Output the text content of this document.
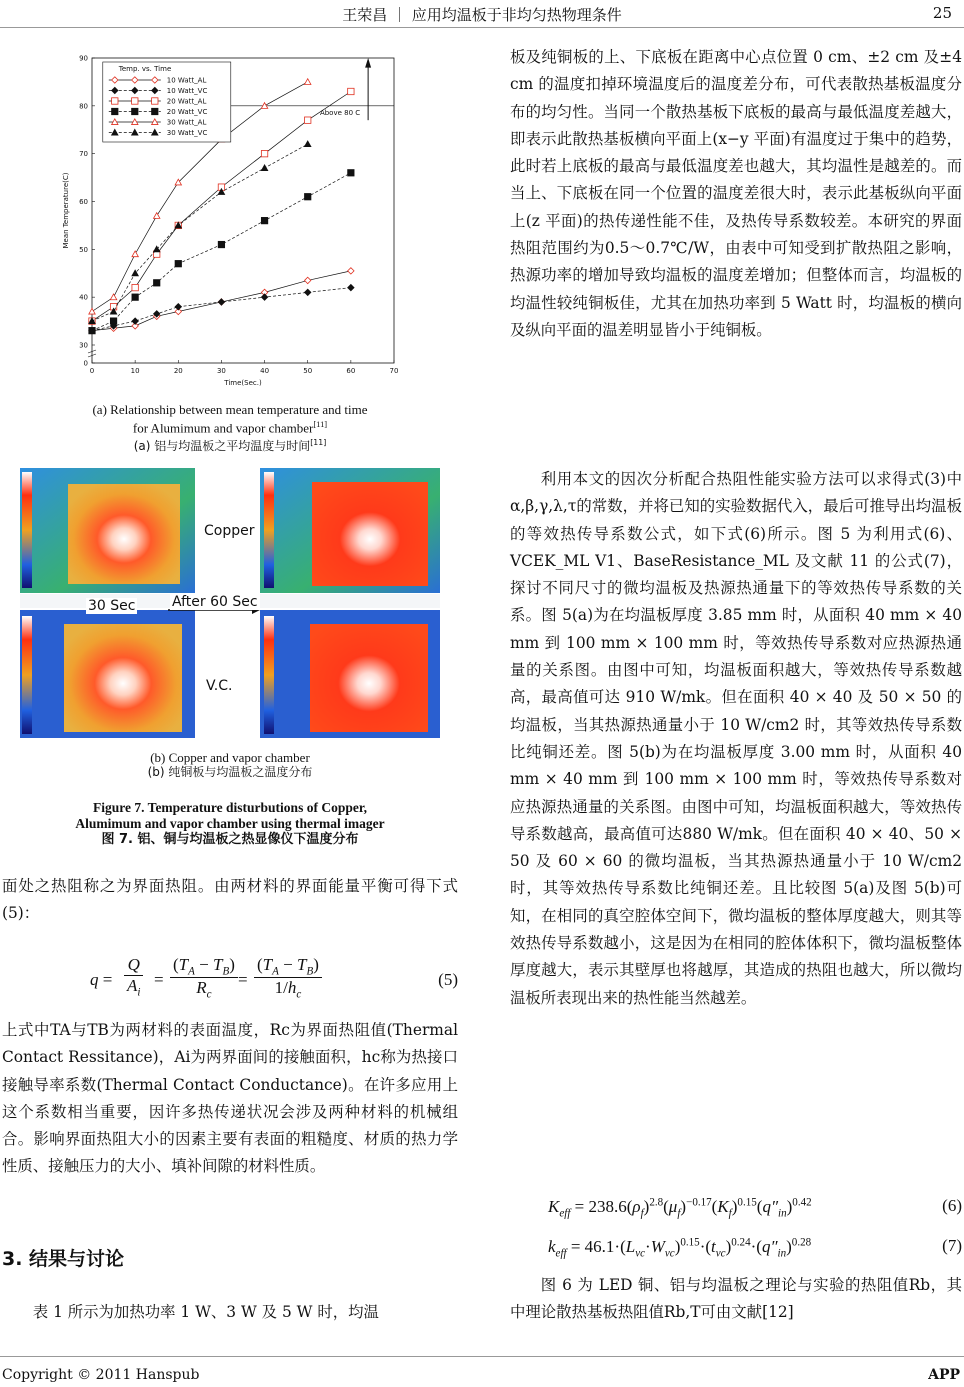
王荣昌 ｜ 应用均温板于非均匀热物理条件	25
0	10	20	30	40	50	60	70
0
30
40
50
60
70
80
90
Time(Sec.)
Mean Temperature(C)
Above 80 C
Temp. vs. Time
10 Watt_AL
10 Watt_VC
20 Watt_AL
20 Watt_VC
30 Watt_AL
30 Watt_VC
(a) Relationship between mean temperature and time
for Alumimum and vapor chamber[11]
(a) 铝与均温板之平均温度与时间[11]
Copper
30 Sec	After 60 Sec
V.C.
(b) Copper and vapor chamber
(b) 纯铜板与均温板之温度分布
Figure 7. Temperature disturbutions of Copper,
Alumimum and vapor chamber using thermal imager
图 7. 铝、铜与均温板之热显像仪下温度分布

面处之热阻称之为界面热阻。由两材料的界面能量平衡可得下式(5)：

$q = \frac{Q}{A_i} = \frac{(T_A - T_B)}{R_c} = \frac{(T_A - T_B)}{1/h_c}$	(5)

上式中TA与TB为两材料的表面温度，Rc为界面热阻值(Thermal Contact Ressitance)，Ai为两界面间的接触面积，hc称为热接口接触导率系数(Thermal Contact Conductance)。在许多应用上这个系数相当重要，因许多热传递状况会涉及两种材料的机械组合。影响界面热阻大小的因素主要有表面的粗糙度、材质的热力学性质、接触压力的大小、填补间隙的材料性质。

3. 结果与讨论

表 1 所示为加热功率 1 W、3 W 及 5 W 时，均温

板及纯铜板的上、下底板在距离中心点位置 0 cm、±2 cm 及±4 cm 的温度扣掉环境温度后的温度差分布，可代表散热基板温度分布的均匀性。当同一个散热基板下底板的最高与最低温度差越大，即表示此散热基板横向平面上(x−y 平面)有温度过于集中的趋势，此时若上底板的最高与最低温度差也越大，其均温性是越差的。而当上、下底板在同一个位置的温度差很大时，表示此基板纵向平面上(z 平面)的热传递性能不佳，及热传导系数较差。本研究的界面热阻范围约为0.5～0.7℃/W，由表中可知受到扩散热阻之影响，热源功率的增加导致均温板的温度差增加；但整体而言，均温板的均温性较纯铜板佳，尤其在加热功率到 5 Watt 时，均温板的横向及纵向平面的温差明显皆小于纯铜板。

利用本文的因次分析配合热阻性能实验方法可以求得式(3)中α,β,γ,λ,τ的常数，并将已知的实验数据代入，最后可推导出均温板的等效热传导系数公式，如下式(6)所示。图 5 为利用式(6)、VCEK_ML V1、BaseResistance_ML 及文献 11 的公式(7)，探讨不同尺寸的微均温板及热源热通量下的等效热传导系数的关系。图 5(a)为在均温板厚度 3.85 mm 时，从面积 40 mm × 40 mm 到 100 mm × 100 mm 时，等效热传导系数对应热源热通量的关系图。由图中可知，均温板面积越大，等效热传导系数越高，最高值可达 910 W/mk。但在面积 40 × 40 及 50 × 50 的均温板，当其热源热通量小于 10 W/cm2 时，其等效热传导系数比纯铜还差。图 5(b)为在均温板厚度 3.00 mm 时，从面积 40 mm × 40 mm 到 100 mm × 100 mm 时，等效热传导系数对应热源热通量的关系图。由图中可知，均温板面积越大，等效热传导系数越高，最高值可达880 W/mk。但在面积 40 × 40、50 × 50 及 60 × 60 的微均温板，当其热源热通量小于 10 W/cm2 时，其等效热传导系数比纯铜还差。且比较图 5(a)及图 5(b)可知，在相同的真空腔体空间下，微均温板的整体厚度越大，则其等效热传导系数越小，这是因为在相同的腔体体积下，微均温板整体厚度越大，表示其壁厚也将越厚，其造成的热阻也越大，所以微均温板所表现出来的热性能当然越差。

$K_{eff} = 238.6(\rho_f)^{2.8}(\mu_f)^{-0.17}(K_f)^{0.15}(q''_{in})^{0.42}$	(6)
$k_{eff} = 46.1\cdot(L_{vc}\cdot W_{vc})^{0.15}\cdot(t_{vc})^{0.24}\cdot(q''_{in})^{0.28}$	(7)

图 6 为 LED 铜、铝与均温板之理论与实验的热阻值Rb，其中理论散热基板热阻值Rb,T可由文献[12]

Copyright © 2011 Hanspub	APP
